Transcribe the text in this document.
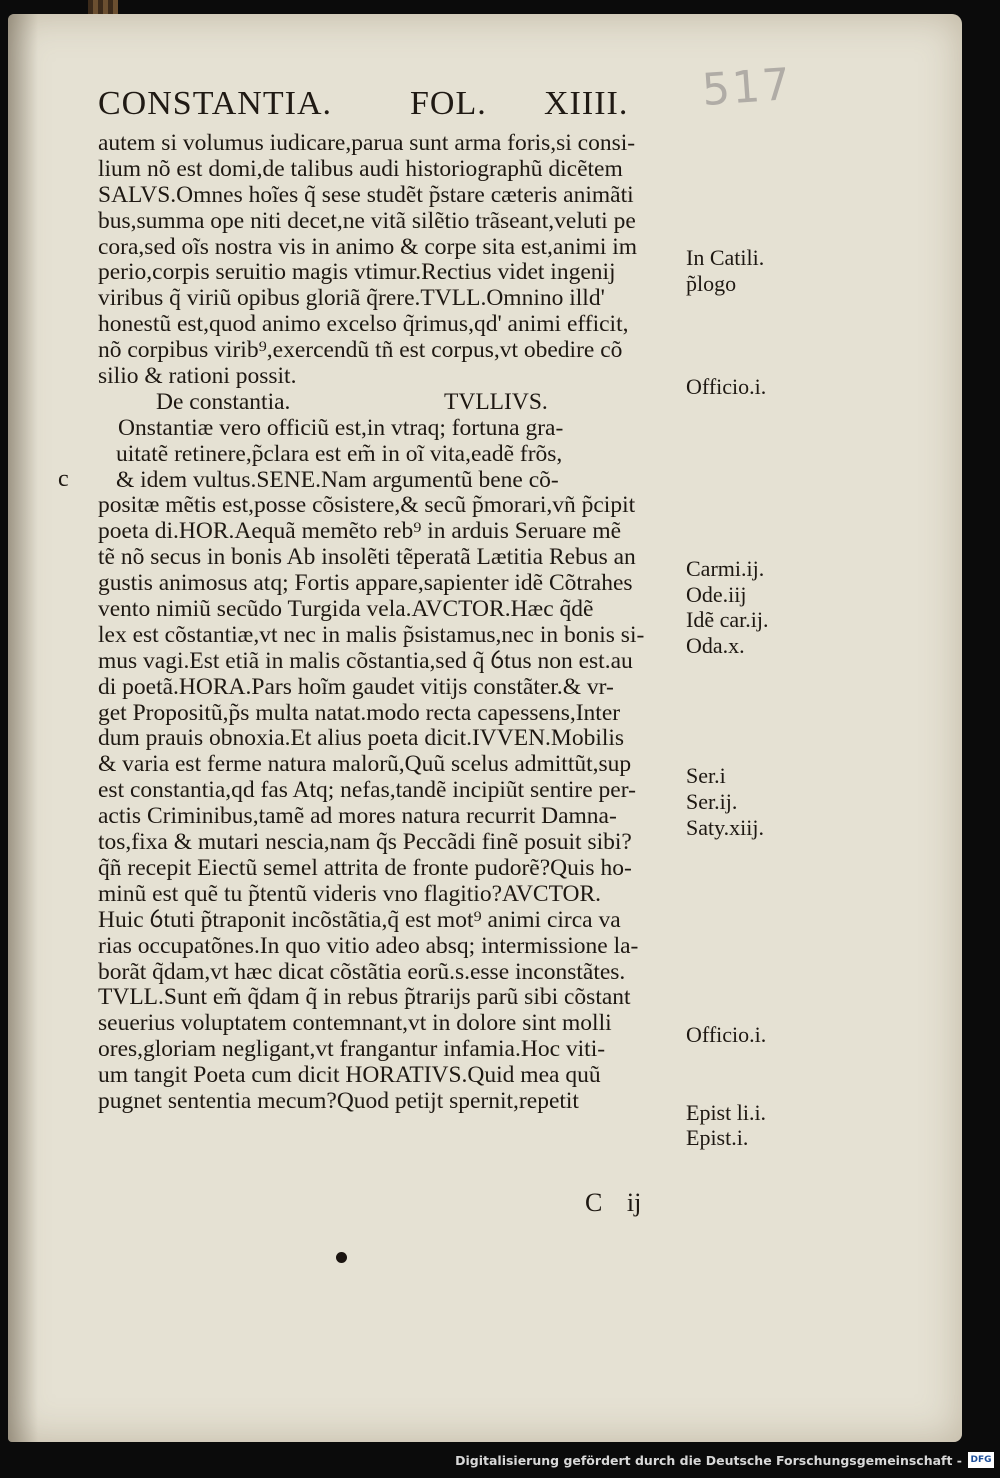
517
CONSTANTIA. FOL. XIIII.
autem si volumus iudicare,parua sunt arma foris,si consi-
lium nõ est domi,de talibus audi historiographũ dicẽtem
SALVS.Omnes hoĩes q̃ sese studẽt p̃stare cæteris animãti
bus,summa ope niti decet,ne vitã silẽtio trãseant,veluti pe
cora,sed oĩs nostra vis in animo & corpe sita est,animi im
perio,corpis seruitio magis vtimur.Rectius videt ingenij
viribus q̃ viriũ opibus gloriã q̃rere.TVLL.Omnino illd'
honestũ est,quod animo excelso q̃rimus,qd' animi efficit,
nõ corpibus virib⁹,exercendũ tñ est corpus,vt obedire cõ
silio & rationi possit.
De constantia.	TVLLIVS.
Onstantiæ vero officiũ est,in vtraq; fortuna gra-
uitatẽ retinere,p̃clara est em̃ in oĩ vita,eadẽ frõs,
& idem vultus.SENE.Nam argumentũ bene cõ-
positæ mẽtis est,posse cõsistere,& secũ p̃morari,vñ p̃cipit
poeta di.HOR.Aequã memẽto reb⁹ in arduis Seruare mẽ
tẽ nõ secus in bonis Ab insolẽti tẽperatã Lætitia Rebus an
gustis animosus atq; Fortis appare,sapienter idẽ Cõtrahes
vento nimiũ secũdo Turgida vela.AVCTOR.Hæc q̃dẽ
lex est cõstantiæ,vt nec in malis p̃sistamus,nec in bonis si-
mus vagi.Est etiã in malis cõstantia,sed q̃ ỽtus non est.au
di poetã.HORA.Pars hoĩm gaudet vitijs constãter.& vr-
get Propositũ,p̃s multa natat.modo recta capessens,Inter
dum prauis obnoxia.Et alius poeta dicit.IVVEN.Mobilis
& varia est ferme natura malorũ,Quũ scelus admittũt,sup
est constantia,qd fas Atq; nefas,tandẽ incipiũt sentire per-
actis Criminibus,tamẽ ad mores natura recurrit Damna-
tos,fixa & mutari nescia,nam q̃s Peccãdi finẽ posuit sibi?
q̃ñ recepit Eiectũ semel attrita de fronte pudorẽ?Quis ho-
minũ est quẽ tu p̃tentũ videris vno flagitio?AVCTOR.
Huic ỽtuti p̃traponit incõstãtia,q̃ est mot⁹ animi circa va
rias occupatõnes.In quo vitio adeo absq; intermissione la-
borãt q̃dam,vt hæc dicat cõstãtia eorũ.s.esse inconstãtes.
TVLL.Sunt em̃ q̃dam q̃ in rebus p̃trarijs parũ sibi cõstant
seuerius voluptatem contemnant,vt in dolore sint molli
ores,gloriam negligant,vt frangantur infamia.Hoc viti-
um tangit Poeta cum dicit HORATIVS.Quid mea quũ
pugnet sententia mecum?Quod petijt spernit,repetit
In Catili.
p̃logo
Officio.i.
Carmi.ij.
Ode.iij
Idẽ car.ij.
Oda.x.
Ser.i
Ser.ij.
Saty.xiij.
Officio.i.
Epist li.i.
Epist.i.
c
C ij
Digitalisierung gefördert durch die Deutsche Forschungsgemeinschaft - DFG
